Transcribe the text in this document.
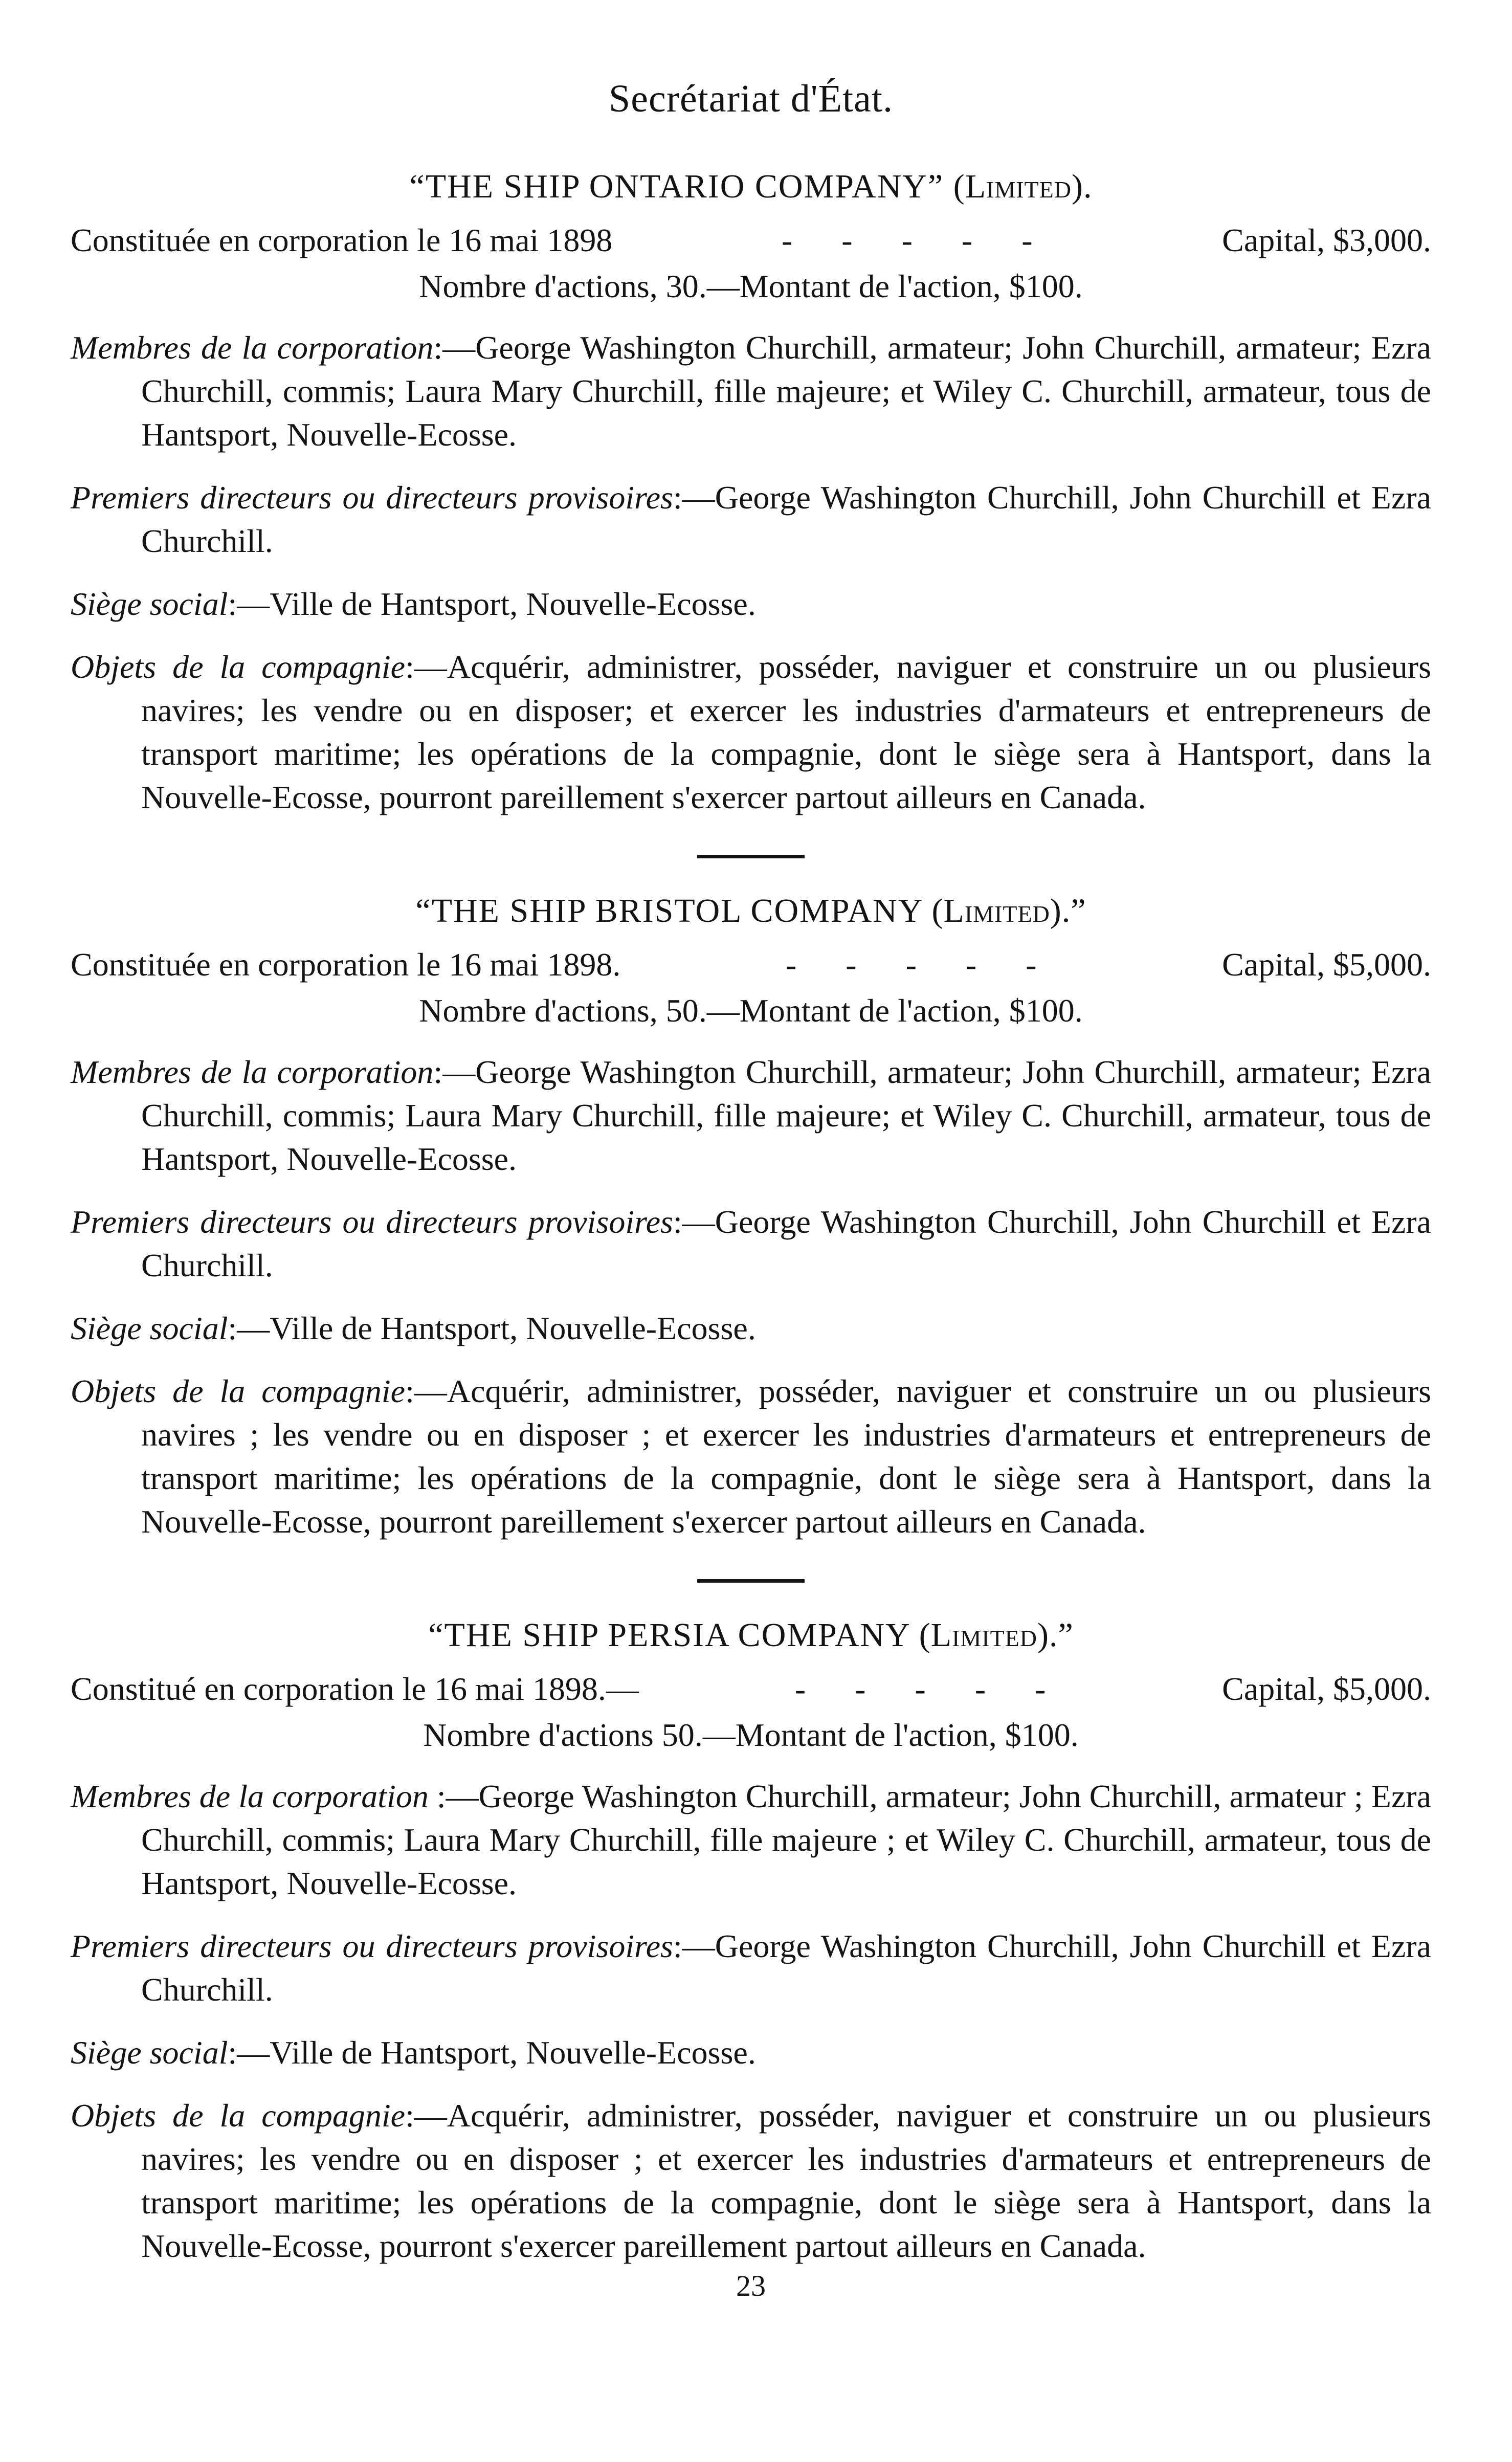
Secrétariat d'État.
“THE SHIP ONTARIO COMPANY” (Limited).
Constituée en corporation le 16 mai 1898	- - - - -	Capital, $3,000.
Nombre d'actions, 30.—Montant de l'action, $100.

Membres de la corporation:—George Washington Churchill, armateur; John Churchill, armateur; Ezra Churchill, commis; Laura Mary Churchill, fille majeure; et Wiley C. Churchill, armateur, tous de Hantsport, Nouvelle-Ecosse.

Premiers directeurs ou directeurs provisoires:—George Washington Churchill, John Churchill et Ezra Churchill.

Siège social:—Ville de Hantsport, Nouvelle-Ecosse.

Objets de la compagnie:—Acquérir, administrer, posséder, naviguer et construire un ou plusieurs navires; les vendre ou en disposer; et exercer les industries d'armateurs et entrepreneurs de transport maritime; les opérations de la compagnie, dont le siège sera à Hantsport, dans la Nouvelle-Ecosse, pourront pareillement s'exercer partout ailleurs en Canada.

“THE SHIP BRISTOL COMPANY (Limited).”
Constituée en corporation le 16 mai 1898.	- - - - -	Capital, $5,000.
Nombre d'actions, 50.—Montant de l'action, $100.

Membres de la corporation:—George Washington Churchill, armateur; John Churchill, armateur; Ezra Churchill, commis; Laura Mary Churchill, fille majeure; et Wiley C. Churchill, armateur, tous de Hantsport, Nouvelle-Ecosse.

Premiers directeurs ou directeurs provisoires:—George Washington Churchill, John Churchill et Ezra Churchill.

Siège social:—Ville de Hantsport, Nouvelle-Ecosse.

Objets de la compagnie:—Acquérir, administrer, posséder, naviguer et construire un ou plusieurs navires ; les vendre ou en disposer ; et exercer les industries d'armateurs et entrepreneurs de transport maritime; les opérations de la compagnie, dont le siège sera à Hantsport, dans la Nouvelle-Ecosse, pourront pareillement s'exercer partout ailleurs en Canada.

“THE SHIP PERSIA COMPANY (Limited).”
Constitué en corporation le 16 mai 1898.—	- - - - -	Capital, $5,000.
Nombre d'actions 50.—Montant de l'action, $100.

Membres de la corporation :—George Washington Churchill, armateur; John Churchill, armateur ; Ezra Churchill, commis; Laura Mary Churchill, fille majeure ; et Wiley C. Churchill, armateur, tous de Hantsport, Nouvelle-Ecosse.

Premiers directeurs ou directeurs provisoires:—George Washington Churchill, John Churchill et Ezra Churchill.

Siège social:—Ville de Hantsport, Nouvelle-Ecosse.

Objets de la compagnie:—Acquérir, administrer, posséder, naviguer et construire un ou plusieurs navires; les vendre ou en disposer ; et exercer les industries d'armateurs et entrepreneurs de transport maritime; les opérations de la compagnie, dont le siège sera à Hantsport, dans la Nouvelle-Ecosse, pourront s'exercer pareillement partout ailleurs en Canada.

23
